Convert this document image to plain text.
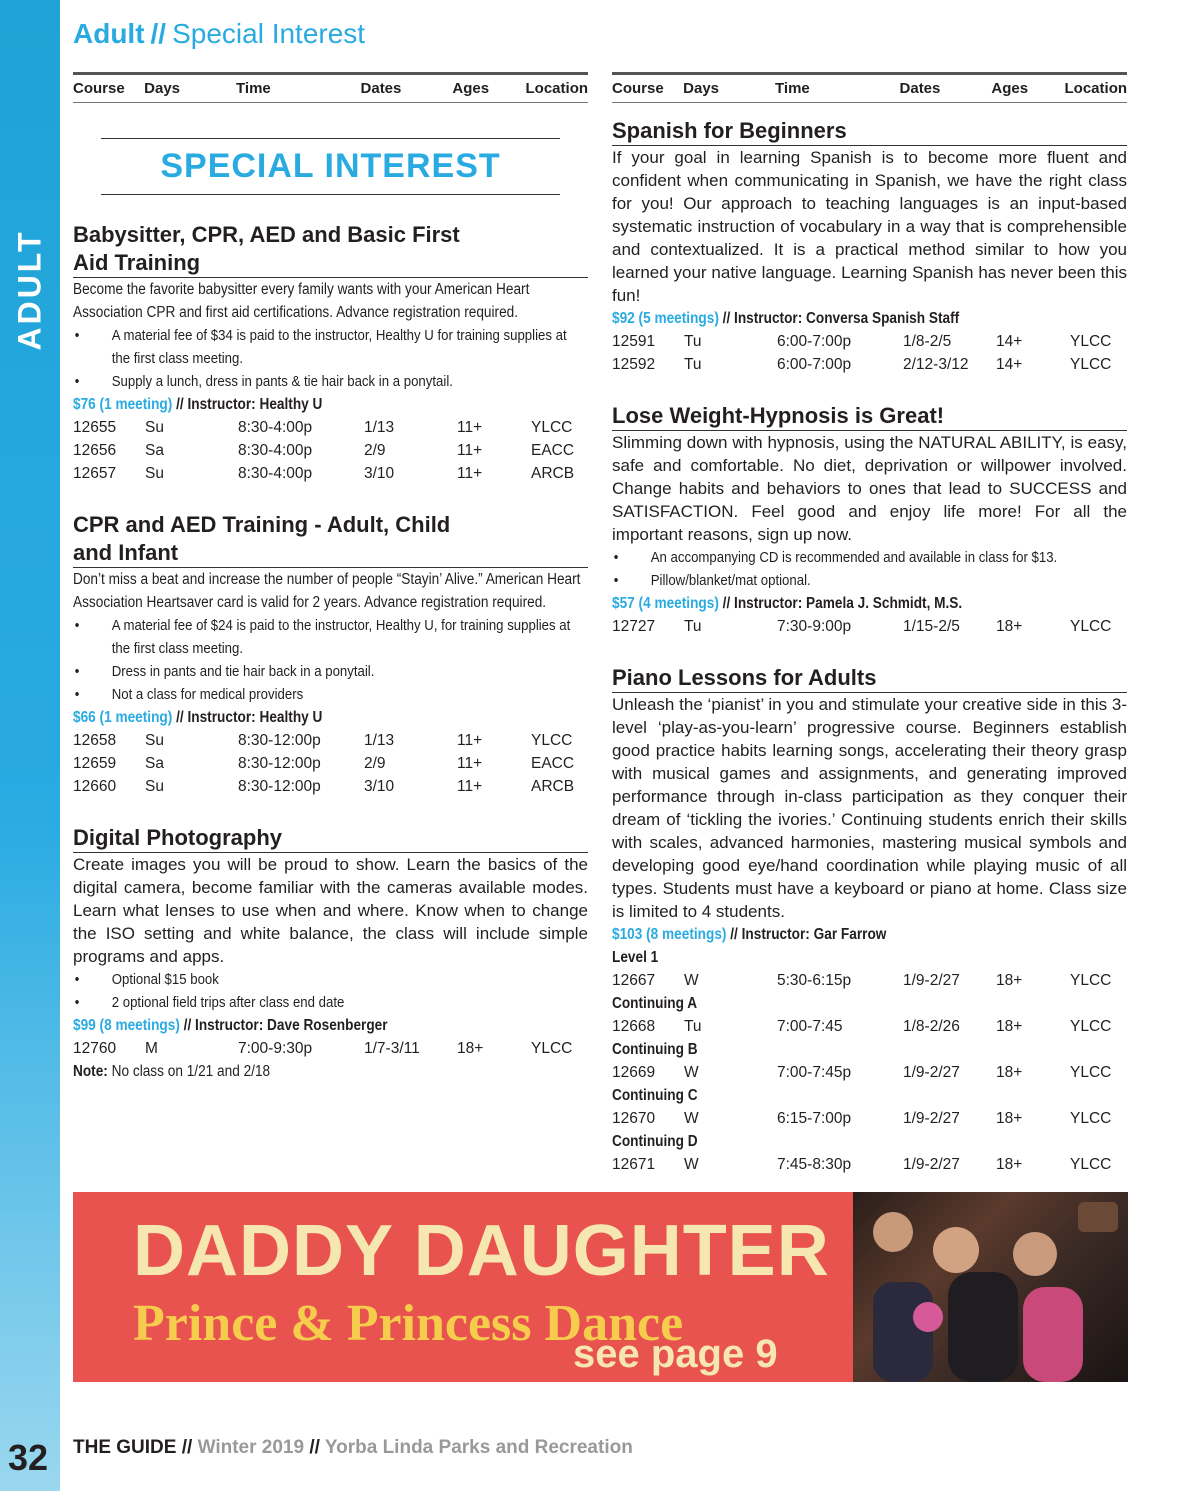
ADULT
Adult // Special Interest
Course	Days	Time	Dates	Ages	Location
SPECIAL INTEREST
Babysitter, CPR, AED and Basic First
Aid Training
Become the favorite babysitter every family wants with your American Heart Association CPR and first aid certifications. Advance registration required.
•	A material fee of $34 is paid to the instructor, Healthy U for training supplies at the first class meeting.
•	Supply a lunch, dress in pants & tie hair back in a ponytail.
$76 (1 meeting) // Instructor: Healthy U
12655	Su	8:30-4:00p	1/13	11+	YLCC
12656	Sa	8:30-4:00p	2/9	11+	EACC
12657	Su	8:30-4:00p	3/10	11+	ARCB
CPR and AED Training - Adult, Child
and Infant
Don’t miss a beat and increase the number of people “Stayin’ Alive.” American Heart Association Heartsaver card is valid for 2 years. Advance registration required.
•	A material fee of $24 is paid to the instructor, Healthy U, for training supplies at the first class meeting.
•	Dress in pants and tie hair back in a ponytail.
•	Not a class for medical providers
$66 (1 meeting) // Instructor: Healthy U
12658	Su	8:30-12:00p	1/13	11+	YLCC
12659	Sa	8:30-12:00p	2/9	11+	EACC
12660	Su	8:30-12:00p	3/10	11+	ARCB
Digital Photography
Create images you will be proud to show. Learn the basics of the digital camera, become familiar with the cameras available modes. Learn what lenses to use when and where. Know when to change the ISO setting and white balance, the class will include simple programs and apps.
•	Optional $15 book
•	2 optional field trips after class end date
$99 (8 meetings) // Instructor: Dave Rosenberger
12760	M	7:00-9:30p	1/7-3/11	18+	YLCC
Note: No class on 1/21 and 2/18
Course	Days	Time	Dates	Ages	Location
Spanish for Beginners
If your goal in learning Spanish is to become more fluent and confident when communicating in Spanish, we have the right class for you! Our approach to teaching languages is an input-based systematic instruction of vocabulary in a way that is comprehensible and contextualized. It is a practical method similar to how you learned your native language. Learning Spanish has never been this fun!
$92 (5 meetings) // Instructor: Conversa Spanish Staff
12591	Tu	6:00-7:00p	1/8-2/5	14+	YLCC
12592	Tu	6:00-7:00p	2/12-3/12	14+	YLCC
Lose Weight-Hypnosis is Great!
Slimming down with hypnosis, using the NATURAL ABILITY, is easy, safe and comfortable. No diet, deprivation or willpower involved. Change habits and behaviors to ones that lead to SUCCESS and SATISFACTION. Feel good and enjoy life more! For all the important reasons, sign up now.
•	An accompanying CD is recommended and available in class for $13.
•	Pillow/blanket/mat optional.
$57 (4 meetings) // Instructor: Pamela J. Schmidt, M.S.
12727	Tu	7:30-9:00p	1/15-2/5	18+	YLCC
Piano Lessons for Adults
Unleash the ‘pianist’ in you and stimulate your creative side in this 3-level ‘play-as-you-learn’ progressive course. Beginners establish good practice habits learning songs, accelerating their theory grasp with musical games and assignments, and generating improved performance through in-class participation as they conquer their dream of ‘tickling the ivories.’ Continuing students enrich their skills with scales, advanced harmonies, mastering musical symbols and developing good eye/hand coordination while playing music of all types. Students must have a keyboard or piano at home. Class size is limited to 4 students.
$103 (8 meetings) // Instructor: Gar Farrow
Level 1
12667	W	5:30-6:15p	1/9-2/27	18+	YLCC
Continuing A
12668	Tu	7:00-7:45	1/8-2/26	18+	YLCC
Continuing B
12669	W	7:00-7:45p	1/9-2/27	18+	YLCC
Continuing C
12670	W	6:15-7:00p	1/9-2/27	18+	YLCC
Continuing D
12671	W	7:45-8:30p	1/9-2/27	18+	YLCC
DADDY DAUGHTER
Prince & Princess Dance
see page 9
32 THE GUIDE // Winter 2019 // Yorba Linda Parks and Recreation
